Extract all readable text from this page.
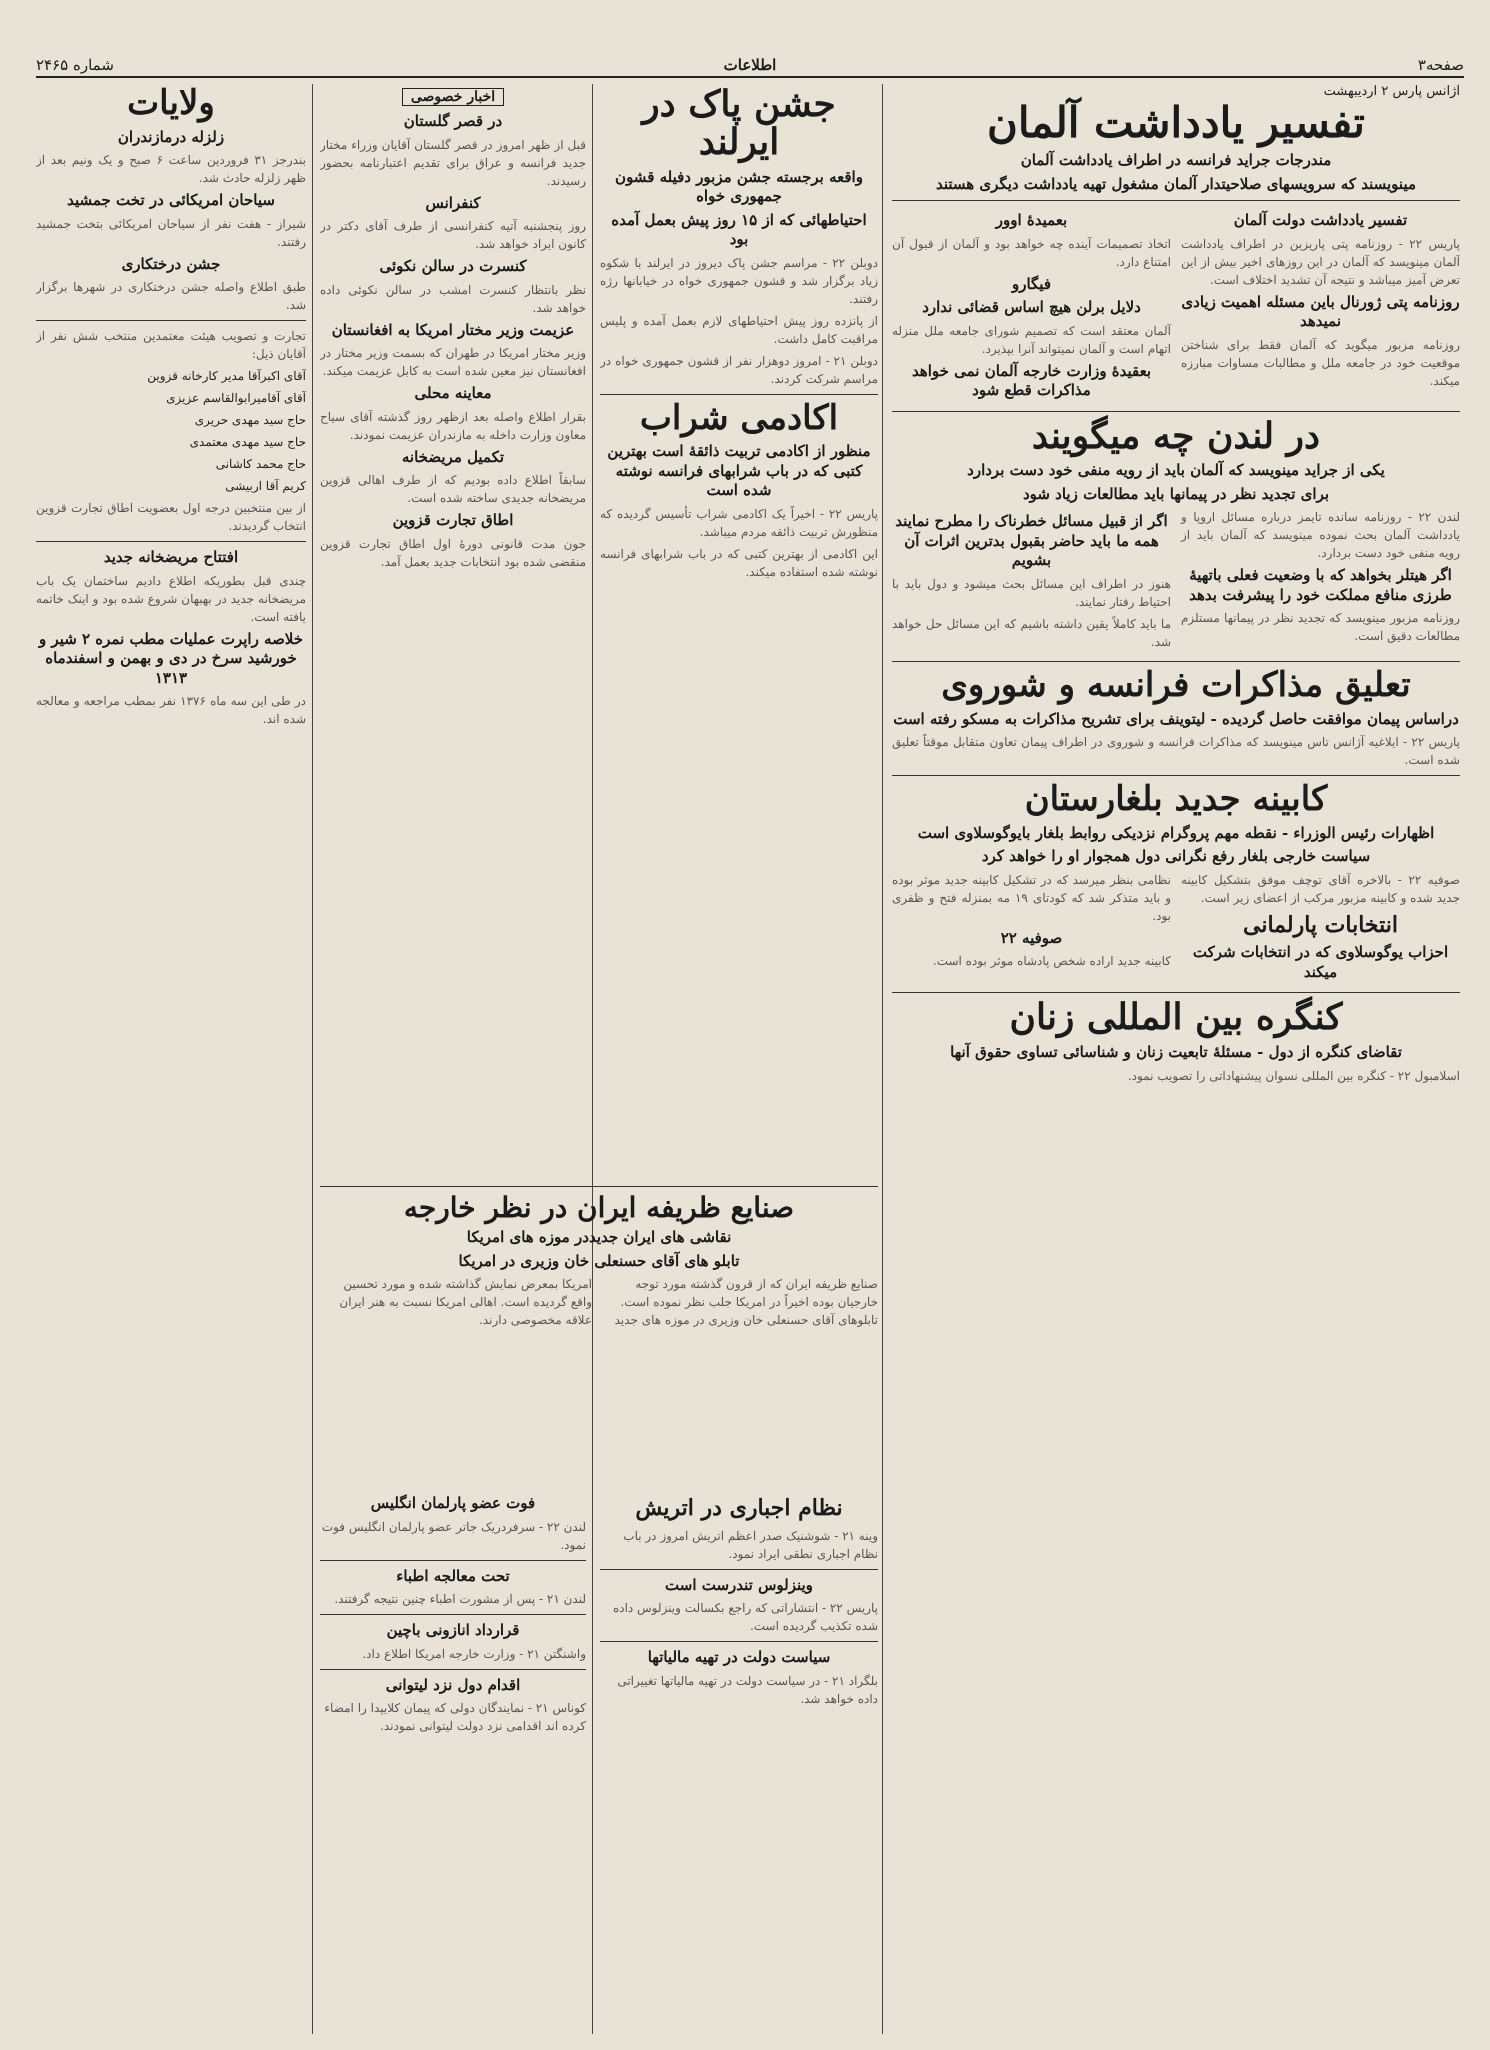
شماره ۲۴۶۵	اطلاعات	صفحه۳
آژانس پارس ۲ اردیبهشت
تفسیر یادداشت آلمان
مندرجات جراید فرانسه در اطراف یادداشت آلمان
مینویسند که سرویسهای صلاحیتدار آلمان مشغول تهیه یادداشت دیگری هستند
تفسیر یادداشت دولت آلمان
پاریس ۲۲ - روزنامه پتی پاریزین در اطراف یادداشت آلمان مینویسد که آلمان در این روزهای اخیر بیش از این تعرض آمیز میباشد و نتیجه آن تشدید اختلاف است.
روزنامه پتی ژورنال باین مسئله اهمیت زیادی نمیدهد
روزنامه مزبور میگوید که آلمان فقط برای شناختن موقعیت خود در جامعه ملل و مطالبات مساوات مبارزه میکند.
بعمیدهٔ اوور
اتخاذ تصمیمات آینده چه خواهد بود و آلمان از قبول آن امتناع دارد.
فیگارو
دلایل برلن هیچ اساس قضائی ندارد
آلمان معتقد است که تصمیم شورای جامعه ملل منزله اتهام است و آلمان نمیتواند آنرا بپذیرد.
بعقیدهٔ وزارت خارجه آلمان نمی خواهد مذاکرات قطع شود
در لندن چه میگویند
یکی از جراید مینویسد که آلمان باید از رویه منفی خود دست بردارد
برای تجدید نظر در پیمانها باید مطالعات زیاد شود
لندن ۲۲ - روزنامه سانده تایمز درباره مسائل اروپا و یادداشت آلمان بحث نموده مینویسد که آلمان باید از رویه منفی خود دست بردارد.
اگر هیتلر بخواهد که با وضعیت فعلی باتهیهٔ طرزی منافع مملکت خود را پیشرفت بدهد
روزنامه مزبور مینویسد که تجدید نظر در پیمانها مستلزم مطالعات دقیق است.
اگر از قبیل مسائل خطرناک را مطرح نمایند همه ما باید حاضر بقبول بدترین اثرات آن بشویم
هنوز در اطراف این مسائل بحث میشود و دول باید با احتیاط رفتار نمایند.
ما باید کاملاً یقین داشته باشیم که این مسائل حل خواهد شد.
تعلیق مذاکرات فرانسه و شوروی
دراساس پیمان موافقت حاصل گردیده - لیتوینف برای تشریح مذاکرات به مسکو رفته است
پاریس ۲۲ - ایلاغیه آژانس تاس مینویسد که مذاکرات فرانسه و شوروی در اطراف پیمان تعاون متقابل موقتاً تعلیق شده است.
کابینه جدید بلغارستان
اظهارات رئیس الوزراء - نقطه مهم پروگرام نزدیکی روابط بلغار بایوگوسلاوی است
سیاست خارجی بلغار رفع نگرانی دول همجوار او را خواهد کرد
صوفیه ۲۲ - بالاخره آقای توچف موفق بتشکیل کابینه جدید شده و کابینه مزبور مرکب از اعضای زیر است.
انتخابات پارلمانی
احزاب یوگوسلاوی که در انتخابات شرکت میکند
نظامی بنظر میرسد که در تشکیل کابینه جدید موثر بوده و باید متذکر شد که کودتای ۱۹ مه بمنزله فتح و ظفری بود.
صوفیه ۲۲
کابینه جدید اراده شخص پادشاه موثر بوده است.
کنگره بین المللی زنان
تقاضای کنگره از دول - مسئلهٔ تابعیت زنان و شناسائی تساوی حقوق آنها
اسلامبول ۲۲ - کنگره بین المللی نسوان پیشنهاداتی را تصویب نمود.
جشن پاک در ایرلند
واقعه برجسته جشن مزبور دفیله قشون جمهوری خواه
احتیاطهائی که از ۱۵ روز پیش بعمل آمده بود
دوبلن ۲۲ - مراسم جشن پاک دیروز در ایرلند با شکوه زیاد برگزار شد و قشون جمهوری خواه در خیابانها رژه رفتند.
از پانزده روز پیش احتیاطهای لازم بعمل آمده و پلیس مراقبت کامل داشت.
دوبلن ۲۱ - امروز دوهزار نفر از قشون جمهوری خواه در مراسم شرکت کردند.
اکادمی شراب
منظور از اکادمی تربیت ذائقهٔ است بهترین کتبی که در باب شرابهای فرانسه نوشته شده است
پاریس ۲۲ - اخیراً یک اکادمی شراب تأسیس گردیده که منظورش تربیت ذائقه مردم میباشد.
این اکادمی از بهترین کتبی که در باب شرابهای فرانسه نوشته شده استفاده میکند.
اخبار خصوصی
در قصر گلستان
قبل از ظهر امروز در قصر گلستان آقایان وزراء مختار جدید فرانسه و عراق برای تقدیم اعتبارنامه بحضور رسیدند.
کنفرانس
روز پنجشنبه آتیه کنفرانسی از طرف آقای دکتر در کانون ایراد خواهد شد.
کنسرت در سالن نکوئی
نظر بانتظار کنسرت امشب در سالن نکوئی داده خواهد شد.
عزیمت وزیر مختار امریکا به افغانستان
وزیر مختار امریکا در طهران که بسمت وزیر مختار در افغانستان نیز معین شده است به کابل عزیمت میکند.
معاینه محلی
بقرار اطلاع واصله بعد ازظهر روز گذشته آقای سیاح معاون وزارت داخله به مازندران عزیمت نمودند.
تکمیل مریضخانه
سابقاً اطلاع داده بودیم که از طرف اهالی قزوین مریضخانه جدیدی ساخته شده است.
اطاق تجارت قزوین
جون مدت قانونی دورهٔ اول اطاق تجارت قزوین منقضی شده بود انتخابات جدید بعمل آمد.
صنایع ظریفه ایران در نظر خارجه
نقاشی های ایران جدیددر موزه های امریکا
تابلو های آقای حسنعلی خان وزیری در امریکا
صنایع ظریفه ایران که از قرون گذشته مورد توجه خارجیان بوده اخیراً در امریکا جلب نظر نموده است. تابلوهای آقای حسنعلی خان وزیری در موزه های جدید امریکا بمعرض نمایش گذاشته شده و مورد تحسین واقع گردیده است. اهالی امریکا نسبت به هنر ایران علاقه مخصوصی دارند.
نظام اجباری در اتریش
وینه ۲۱ - شوشنیک صدر اعظم اتریش امروز در باب نظام اجباری نطقی ایراد نمود.
وینزلوس تندرست است
پاریس ۲۲ - انتشاراتی که راجع بکسالت وینزلوس داده شده تکذیب گردیده است.
سیاست دولت در تهیه مالیاتها
بلگراد ۲۱ - در سیاست دولت در تهیه مالیاتها تغییراتی داده خواهد شد.
فوت عضو پارلمان انگلیس
لندن ۲۲ - سرفردریک جاتر عضو پارلمان انگلیس فوت نمود.
تحت معالجه اطباء
لندن ۲۱ - پس از مشورت اطباء چنین نتیجه گرفتند.
قرارداد انازونی باچین
واشنگتن ۲۱ - وزارت خارجه امریکا اطلاع داد.
اقدام دول نزد لیتوانی
کوناس ۲۱ - نمایندگان دولی که پیمان کلایپدا را امضاء کرده اند اقدامی نزد دولت لیتوانی نمودند.
ولایات
زلزله درمازندران
بندرجز ۳۱ فروردین ساعت ۶ صبح و یک ونیم بعد از ظهر زلزله حادث شد.
سیاحان امریکائی در تخت جمشید
شیراز - هفت نفر از سیاحان امریکائی بتخت جمشید رفتند.
جشن درختکاری
طبق اطلاع واصله جشن درختکاری در شهرها برگزار شد.
تجارت و تصویب هیئت معتمدین منتخب شش نفر از آقایان ذیل:
آقای اکبرآقا مدیر کارخانه قزوین
آقای آقامیرابوالقاسم عزیزی
حاج سید مهدی حریری
حاج سید مهدی معتمدی
حاج محمد کاشانی
کریم آقا اربیشی
از بین منتخبین درجه اول بعضویت اطاق تجارت قزوین انتخاب گردیدند.
افتتاح مریضخانه جدید
چندی قبل بطوریکه اطلاع دادیم ساختمان یک باب مریضخانه جدید در بهبهان شروع شده بود و اینک خاتمه یافته است.
خلاصه راپرت عملیات مطب نمره ۲ شیر و خورشید سرخ در دی و بهمن و اسفندماه ۱۳۱۳
در طی این سه ماه ۱۳۷۶ نفر بمطب مراجعه و معالجه شده اند.
